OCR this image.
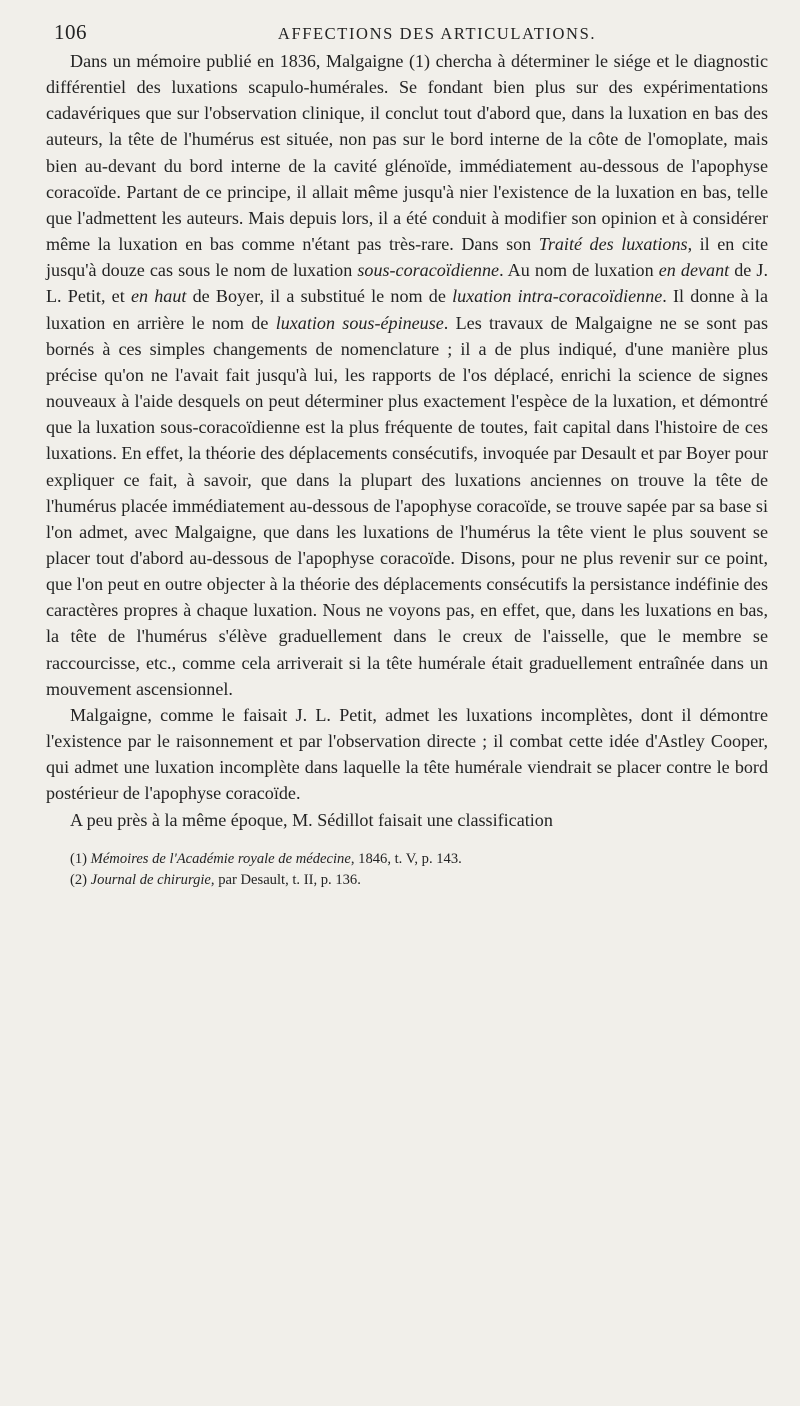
106	AFFECTIONS DES ARTICULATIONS.

Dans un mémoire publié en 1836, Malgaigne (1) chercha à déterminer le siége et le diagnostic différentiel des luxations scapulo-humérales. Se fondant bien plus sur des expérimentations cadavériques que sur l'observation clinique, il conclut tout d'abord que, dans la luxation en bas des auteurs, la tête de l'humérus est située, non pas sur le bord interne de la côte de l'omoplate, mais bien au-devant du bord interne de la cavité glénoïde, immédiatement au-dessous de l'apophyse coracoïde. Partant de ce principe, il allait même jusqu'à nier l'existence de la luxation en bas, telle que l'admettent les auteurs. Mais depuis lors, il a été conduit à modifier son opinion et à considérer même la luxation en bas comme n'étant pas très-rare. Dans son Traité des luxations, il en cite jusqu'à douze cas sous le nom de luxation sous-coracoïdienne. Au nom de luxation en devant de J. L. Petit, et en haut de Boyer, il a substitué le nom de luxation intra-coracoïdienne. Il donne à la luxation en arrière le nom de luxation sous-épineuse. Les travaux de Malgaigne ne se sont pas bornés à ces simples changements de nomenclature ; il a de plus indiqué, d'une manière plus précise qu'on ne l'avait fait jusqu'à lui, les rapports de l'os déplacé, enrichi la science de signes nouveaux à l'aide desquels on peut déterminer plus exactement l'espèce de la luxation, et démontré que la luxation sous-coracoïdienne est la plus fréquente de toutes, fait capital dans l'histoire de ces luxations. En effet, la théorie des déplacements consécutifs, invoquée par Desault et par Boyer pour expliquer ce fait, à savoir, que dans la plupart des luxations anciennes on trouve la tête de l'humérus placée immédiatement au-dessous de l'apophyse coracoïde, se trouve sapée par sa base si l'on admet, avec Malgaigne, que dans les luxations de l'humérus la tête vient le plus souvent se placer tout d'abord au-dessous de l'apophyse coracoïde. Disons, pour ne plus revenir sur ce point, que l'on peut en outre objecter à la théorie des déplacements consécutifs la persistance indéfinie des caractères propres à chaque luxation. Nous ne voyons pas, en effet, que, dans les luxations en bas, la tête de l'humérus s'élève graduellement dans le creux de l'aisselle, que le membre se raccourcisse, etc., comme cela arriverait si la tête humérale était graduellement entraînée dans un mouvement ascensionnel.

Malgaigne, comme le faisait J. L. Petit, admet les luxations incomplètes, dont il démontre l'existence par le raisonnement et par l'observation directe ; il combat cette idée d'Astley Cooper, qui admet une luxation incomplète dans laquelle la tête humérale viendrait se placer contre le bord postérieur de l'apophyse coracoïde.

A peu près à la même époque, M. Sédillot faisait une classification

(1) Mémoires de l'Académie royale de médecine, 1846, t. V, p. 143.

(2) Journal de chirurgie, par Desault, t. II, p. 136.
